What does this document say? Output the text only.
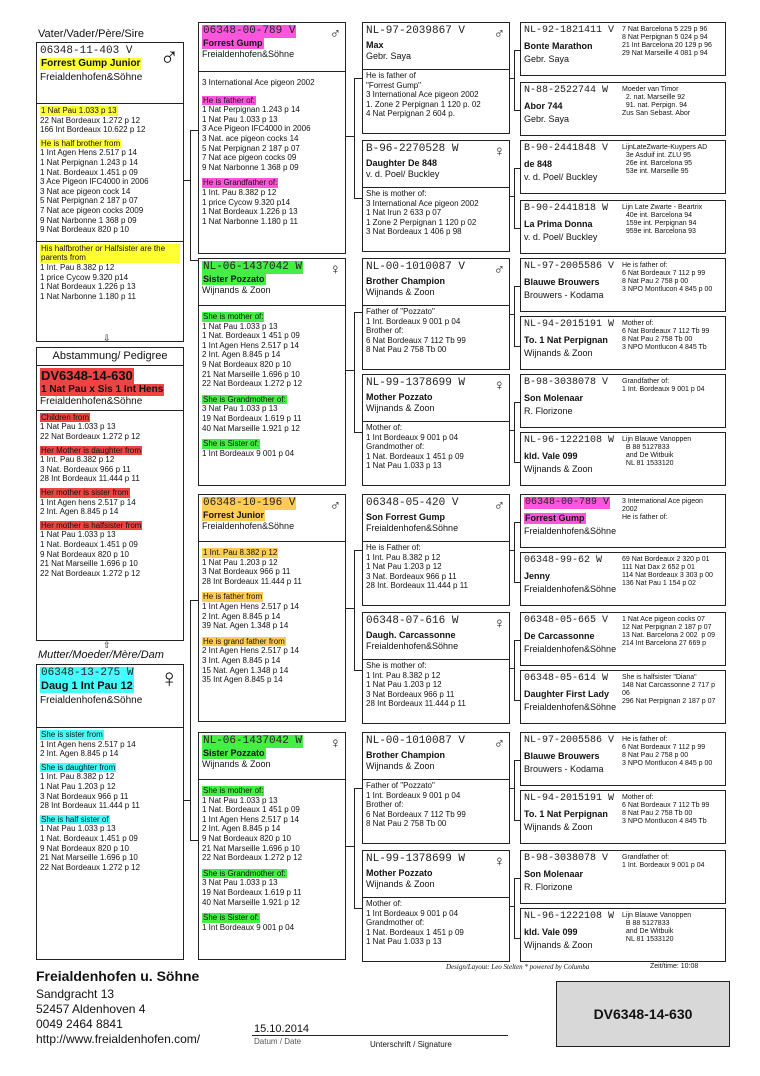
Vater/Vader/Père/Sire
06348-11-403 V	♂
Forrest Gump Junior
Freialdenhofen&Söhne
1 Nat Pau 1.033 p 13
22 Nat Bordeaux 1.272 p 12
166 Int Bordeaux 10.622 p 12
He is half brother from
1 Int Agen Hens 2.517 p 14
1 Nat Perpignan 1.243 p 14
1 Nat. Bordeaux 1.451 p 09
3 Ace Pigeon IFC4000 in 2006
3 Nat ace pigeon cock 14
5 Nat Perpignan 2 187 p 07
7 Nat ace pigeon cocks 2009
9 Nat Narbonne 1 368 p 09
9 Nat Bordeaux 820 p 10
His halfbrother or Halfsister are the parents from
1 Int. Pau 8.382 p 12
1 price Cycow 9.320 p14
1 Nat Bordeaux 1.226 p 13
1 Nat Narbonne 1.180 p 11
⇩
Abstammung/ Pedigree
DV6348-14-630 1 Nat Pau x Sis 1 Int Hens
Freialdenhofen&Söhne
Children from
1 Nat Pau 1.033 p 13
22 Nat Bordeaux 1.272 p 12
Her Mother is daughter from
1 Int. Pau 8.382 p 12
3 Nat. Bordeaux 966 p 11
28 Int Bordeaux 11.444 p 11
Her mother is sister from
1 Int Agen hens 2.517 p 14
2 Int. Agen 8.845 p 14
Her mother is halfsister from
1 Nat Pau 1.033 p 13
1 Nat. Bordeaux 1.451 p 09
9 Nat Bordeaux 820 p 10
21 Nat Marseille 1.696 p 10
22 Nat Bordeaux 1.272 p 12
⇧
Mutter/Moeder/Mère/Dam
06348-13-275 W ♀
Daug 1 Int Pau 12
Freialdenhofen&Söhne
She is sister from
1 Int Agen hens 2.517 p 14
2 Int. Agen 8.845 p 14
She is daughter from
1 Int. Pau 8.382 p 12
1 Nat Pau 1.203 p 12
3 Nat Bordeaux 966 p 11
28 Int Bordeaux 11.444 p 11
She is half sister of
1 Nat Pau 1.033 p 13
1 Nat. Bordeaux 1.451 p 09
9 Nat Bordeaux 820 p 10
21 Nat Marseille 1.696 p 10
22 Nat Bordeaux 1.272 p 12
06348-00-789 V ♂
Forrest Gump
Freialdenhofen&Söhne
3 International Ace pigeon 2002
He is father of:
1 Nat Perpignan 1.243 p 14
1 Nat Pau 1.033 p 13
3 Ace Pigeon IFC4000 in 2006
3 Nat. ace pigeon cocks 14
5 Nat Perpignan 2 187 p 07
7 Nat ace pigeon cocks 09
9 Nat Narbonne 1 368 p 09
He is Grandfather of:
1 Int. Pau 8.382 p 12
1 price Cycow 9.320 p14
1 Nat Bordeaux 1.226 p 13
1 Nat Narbonne 1.180 p 11
NL-06-1437042 W ♀
Sister Pozzato
Wijnands & Zoon
She is mother of:
1 Nat Pau 1.033 p 13
1 Nat. Bordeaux 1 451 p 09
1 Int Agen Hens 2.517 p 14
2 Int. Agen 8.845 p 14
9 Nat Bordeaux 820 p 10
21 Nat Marseille 1.696 p 10
22 Nat Bordeaux 1.272 p 12
She is Grandmother of:
3 Nat Pau 1.033 p 13
19 Nat Bordeaux 1.619 p 11
40 Nat Marseille 1.921 p 12
She is Sister of:
1 Int Bordeaux 9 001 p 04
06348-10-196 V ♂
Forrest Junior
Freialdenhofen&Söhne
1 Int. Pau 8.382 p 12
1 Nat Pau 1.203 p 12
3 Nat Bordeaux 966 p 11
28 Int Bordeaux 11.444 p 11
He is father from
1 Int Agen Hens 2.517 p 14
2 Int. Agen 8.845 p 14
39 Nat. Agen 1.348 p 14
He is grand father from
2 Int Agen Hens 2.517 p 14
3 Int. Agen 8.845 p 14
15 Nat. Agen 1.348 p 14
35 Int Agen 8.845 p 14
NL-06-1437042 W ♀
Sister Pozzato
Wijnands & Zoon
She is mother of:
1 Nat Pau 1.033 p 13
1 Nat. Bordeaux 1 451 p 09
1 Int Agen Hens 2.517 p 14
2 Int. Agen 8.845 p 14
9 Nat Bordeaux 820 p 10
21 Nat Marseille 1.696 p 10
22 Nat Bordeaux 1.272 p 12
She is Grandmother of:
3 Nat Pau 1.033 p 13
19 Nat Bordeaux 1.619 p 11
40 Nat Marseille 1.921 p 12
She is Sister of:
1 Int Bordeaux 9 001 p 04
NL-97-2039867 V	♂
Max
Gebr. Saya
He is father of
"Forrest Gump"
3 International Ace pigeon 2002
1. Zone 2 Perpignan 1 120 p. 02
4 Nat Perpignan 2 604 p.
B-96-2270528 W	♀
Daughter De 848
v. d. Poel/ Buckley
She is mother of:
3 International Ace pigeon 2002
1 Nat Irun 2 633 p 07
1 Zone 2 Perpignan 1 120 p 02
3 Nat Bordeaux 1 406 p 98
NL-00-1010087 V	♂
Brother Champion
Wijnands & Zoon
Father of "Pozzato"
1 Int. Bordeaux 9 001 p 04
Brother of:
6 Nat Bordeaux 7 112 Tb 99
8 Nat Pau 2 758 Tb 00
NL-99-1378699 W	♀
Mother Pozzato
Wijnands & Zoon
Mother of:
1 Int Bordeaux 9 001 p 04
Grandmother of:
1 Nat. Bordeaux 1 451 p 09
1 Nat Pau 1.033 p 13
06348-05-420 V	♂
Son Forrest Gump
Freialdenhofen&Söhne
He is Father of:
1 Int. Pau 8.382 p 12
1 Nat Pau 1.203 p 12
3 Nat. Bordeaux 966 p 11
28 Int. Bordeaux 11.444 p 11
06348-07-616 W	♀
Daugh. Carcassonne
Freialdenhofen&Söhne
She is mother of:
1 Int. Pau 8.382 p 12
1 Nat Pau 1.203 p 12
3 Nat Bordeaux 966 p 11
28 Int Bordeaux 11.444 p 11
NL-00-1010087 V	♂
Brother Champion
Wijnands & Zoon
Father of "Pozzato"
1 Int. Bordeaux 9 001 p 04
Brother of:
6 Nat Bordeaux 7 112 Tb 99
8 Nat Pau 2 758 Tb 00
NL-99-1378699 W	♀
Mother Pozzato
Wijnands & Zoon
Mother of:
1 Int Bordeaux 9 001 p 04
Grandmother of:
1 Nat. Bordeaux 1 451 p 09
1 Nat Pau 1.033 p 13
NL-92-1821411 V
Bonte Marathon
Gebr. Saya
7 Nat Barcelona 5 229 p 96
8 Nat Perpignan 5 024 p 94
21 Int Barcelona 20 129 p 96
29 Nat Marseille 4 081 p 94
N-88-2522744 W
Abor 744
Gebr. Saya
Moeder van Timor
2. nat. Marseille 92
91. nat. Perpign. 94
Zus San Sebast. Abor
B-90-2441848 V
de 848
v. d. Poel/ Buckley
LijnLateZwarte-Kuypers AD
3e Asduif int. ZLU 95
26e int. Barcelona 95
53e int. Marseille 95
B-90-2441818 W
La Prima Donna
v. d. Poel/ Buckley
Lijn Late Zwarte - Beartrix
40e int. Barcelona 94
159e int. Perpignan 94
959e int. Barcelona 93
NL-97-2005586 V
Blauwe Brouwers
Brouwers - Kodama
He is father of:
6 Nat Bordeaux 7 112 p 99
8 Nat Pau 2 758 p 00
3 NPO Montlucon 4 845 p 00
NL-94-2015191 W
To. 1 Nat Perpignan
Wijnands & Zoon
Mother of:
6 Nat Bordeaux 7 112 Tb 99
8 Nat Pau 2 758 Tb 00
3 NPO Montlucon 4 845 Tb
B-98-3038078 V
Son Molenaar
R. Florizone
Grandfather of:
1 Int. Bordeaux 9 001 p 04
NL-96-1222108 W
kld. Vale 099
Wijnands & Zoon
Lijn Blauwe Vanoppen
B 88 5127833
and De Witbuik
NL 81 1533120
06348-00-789 V Forrest Gump
Freialdenhofen&Söhne
3 International Ace pigeon
2002
He is father of:
06348-99-62 W
Jenny
Freialdenhofen&Söhne
69 Nat Bordeaux 2 320 p 01
111 Nat Dax 2 652 p 01
114 Nat Bordeaux 3 303 p 00
136 Nat Pau 1 154 p 02
06348-05-665 V
De Carcassonne
Freialdenhofen&Söhne
1 Nat Ace pigeon cocks 07
12 Nat Perpignan 2 187 p 07
13 Nat. Barcelona 2 002  p 09
214 Int Barcelona 27 669 p
06348-05-614 W
Daughter First Lady
Freialdenhofen&Söhne
She is halfsister "Diana"
148 Nat Carcassonne 2 717 p
06
296 Nat Perpignan 2 187 p 07
NL-97-2005586 V
Blauwe Brouwers
Brouwers - Kodama
He is father of:
6 Nat Bordeaux 7 112 p 99
8 Nat Pau 2 758 p 00
3 NPO Montlucon 4 845 p 00
NL-94-2015191 W
To. 1 Nat Perpignan
Wijnands & Zoon
Mother of:
6 Nat Bordeaux 7 112 Tb 99
8 Nat Pau 2 758 Tb 00
3 NPO Montlucon 4 845 Tb
B-98-3038078 V
Son Molenaar
R. Florizone
Grandfather of:
1 Int. Bordeaux 9 001 p 04
NL-96-1222108 W
kld. Vale 099
Wijnands & Zoon
Lijn Blauwe Vanoppen
B 88 5127833
and De Witbuik
NL 81 1533120
Freialdenhofen u. Söhne
Sandgracht 13
52457 Aldenhoven 4
0049 2464 8841
http://www.freialdenhofen.com/
15.10.2014
Datum / Date	Unterschrift / Signature
Design/Layout: Leo Stelten * powered by Columba	Zeit/time: 10:08
DV6348-14-630
